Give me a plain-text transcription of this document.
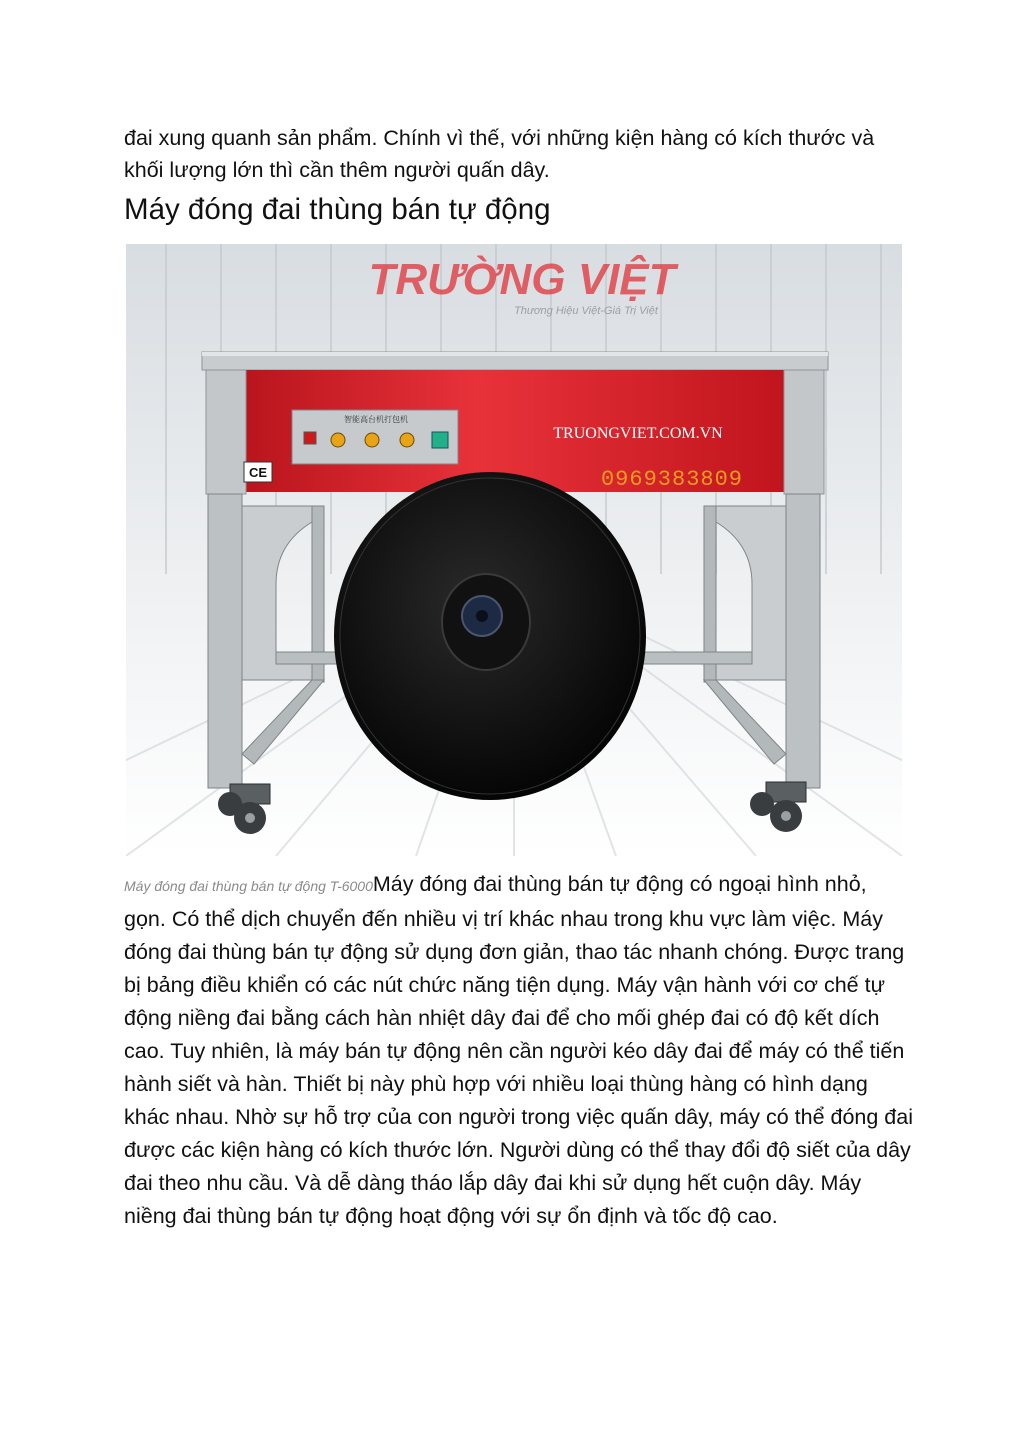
đai xung quanh sản phẩm. Chính vì thế, với những kiện hàng có kích thước và khối lượng lớn thì cần thêm người quấn dây.

Máy đóng đai thùng bán tự động
TRƯỜNG VIỆT
Thương Hiệu Việt-Giá Trị Việt
CE
智能高台机打包机
TRUONGVIET.COM.VN
0969383809

Máy đóng đai thùng bán tự động T-6000Máy đóng đai thùng bán tự động có ngoại hình nhỏ, gọn. Có thể dịch chuyển đến nhiều vị trí khác nhau trong khu vực làm việc. Máy đóng đai thùng bán tự động sử dụng đơn giản, thao tác nhanh chóng. Được trang bị bảng điều khiển có các nút chức năng tiện dụng. Máy vận hành với cơ chế tự động niềng đai bằng cách hàn nhiệt dây đai để cho mối ghép đai có độ kết dích cao. Tuy nhiên, là máy bán tự động nên cần người kéo dây đai để máy có thể tiến hành siết và hàn. Thiết bị này phù hợp với nhiều loại thùng hàng có hình dạng khác nhau. Nhờ sự hỗ trợ của con người trong việc quấn dây, máy có thể đóng đai được các kiện hàng có kích thước lớn. Người dùng có thể thay đổi độ siết của dây đai theo nhu cầu. Và dễ dàng tháo lắp dây đai khi sử dụng hết cuộn dây. Máy niềng đai thùng bán tự động hoạt động với sự ổn định và tốc độ cao.
